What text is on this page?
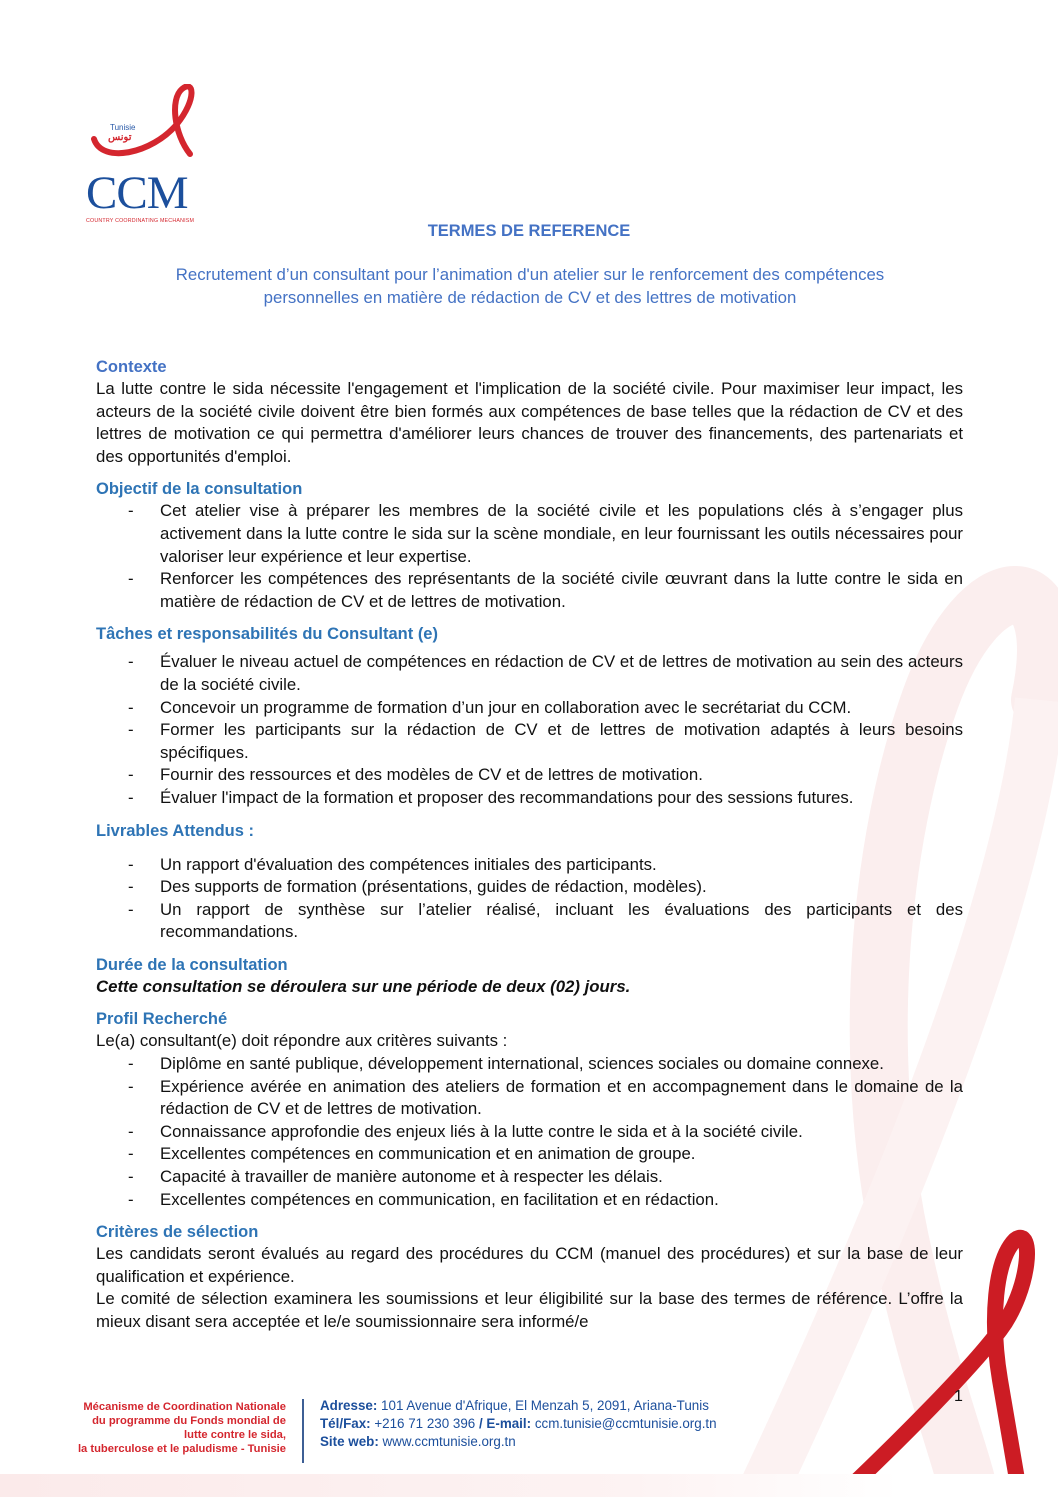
Tunisie
تونس
CCM
COUNTRY COORDINATING MECHANISM
TERMES DE REFERENCE
Recrutement d’un consultant pour l’animation d'un atelier sur le renforcement des compétences
personnelles en matière de rédaction de CV et des lettres de motivation
Contexte
La lutte contre le sida nécessite l'engagement et l'implication de la société civile. Pour maximiser leur impact, les acteurs de la société civile doivent être bien formés aux compétences de base telles que la rédaction de CV et des lettres de motivation ce qui permettra d'améliorer leurs chances de trouver des financements, des partenariats et des opportunités d'emploi.
Objectif de la consultation
- Cet atelier vise à préparer les membres de la société civile et les populations clés à s’engager plus activement dans la lutte contre le sida sur la scène mondiale, en leur fournissant les outils nécessaires pour valoriser leur expérience et leur expertise.
- Renforcer les compétences des représentants de la société civile œuvrant dans la lutte contre le sida en matière de rédaction de CV et de lettres de motivation.
Tâches et responsabilités du Consultant (e)
- Évaluer le niveau actuel de compétences en rédaction de CV et de lettres de motivation au sein des acteurs de la société civile.
- Concevoir un programme de formation d’un jour en collaboration avec le secrétariat du CCM.
- Former les participants sur la rédaction de CV et de lettres de motivation adaptés à leurs besoins spécifiques.
- Fournir des ressources et des modèles de CV et de lettres de motivation.
- Évaluer l'impact de la formation et proposer des recommandations pour des sessions futures.
Livrables Attendus :
- Un rapport d'évaluation des compétences initiales des participants.
- Des supports de formation (présentations, guides de rédaction, modèles).
- Un rapport de synthèse sur l’atelier réalisé, incluant les évaluations des participants et des recommandations.
Durée de la consultation
Cette consultation se déroulera sur une période de deux (02) jours.
Profil Recherché
Le(a) consultant(e) doit répondre aux critères suivants :
- Diplôme en santé publique, développement international, sciences sociales ou domaine connexe.
- Expérience avérée en animation des ateliers de formation et en accompagnement dans le domaine de la rédaction de CV et de lettres de motivation.
- Connaissance approfondie des enjeux liés à la lutte contre le sida et à la société civile.
- Excellentes compétences en communication et en animation de groupe.
- Capacité à travailler de manière autonome et à respecter les délais.
- Excellentes compétences en communication, en facilitation et en rédaction.
Critères de sélection
Les candidats seront évalués au regard des procédures du CCM (manuel des procédures) et sur la base de leur qualification et expérience.
Le comité de sélection examinera les soumissions et leur éligibilité sur la base des termes de référence. L’offre la mieux disant sera acceptée et le/e soumissionnaire sera informé/e
1
Mécanisme de Coordination Nationale
du programme du Fonds mondial de
lutte contre le sida,
la tuberculose et le paludisme - Tunisie
Adresse: 101 Avenue d'Afrique, El Menzah 5, 2091, Ariana-Tunis
Tél/Fax: +216 71 230 396 / E-mail: ccm.tunisie@ccmtunisie.org.tn
Site web: www.ccmtunisie.org.tn
